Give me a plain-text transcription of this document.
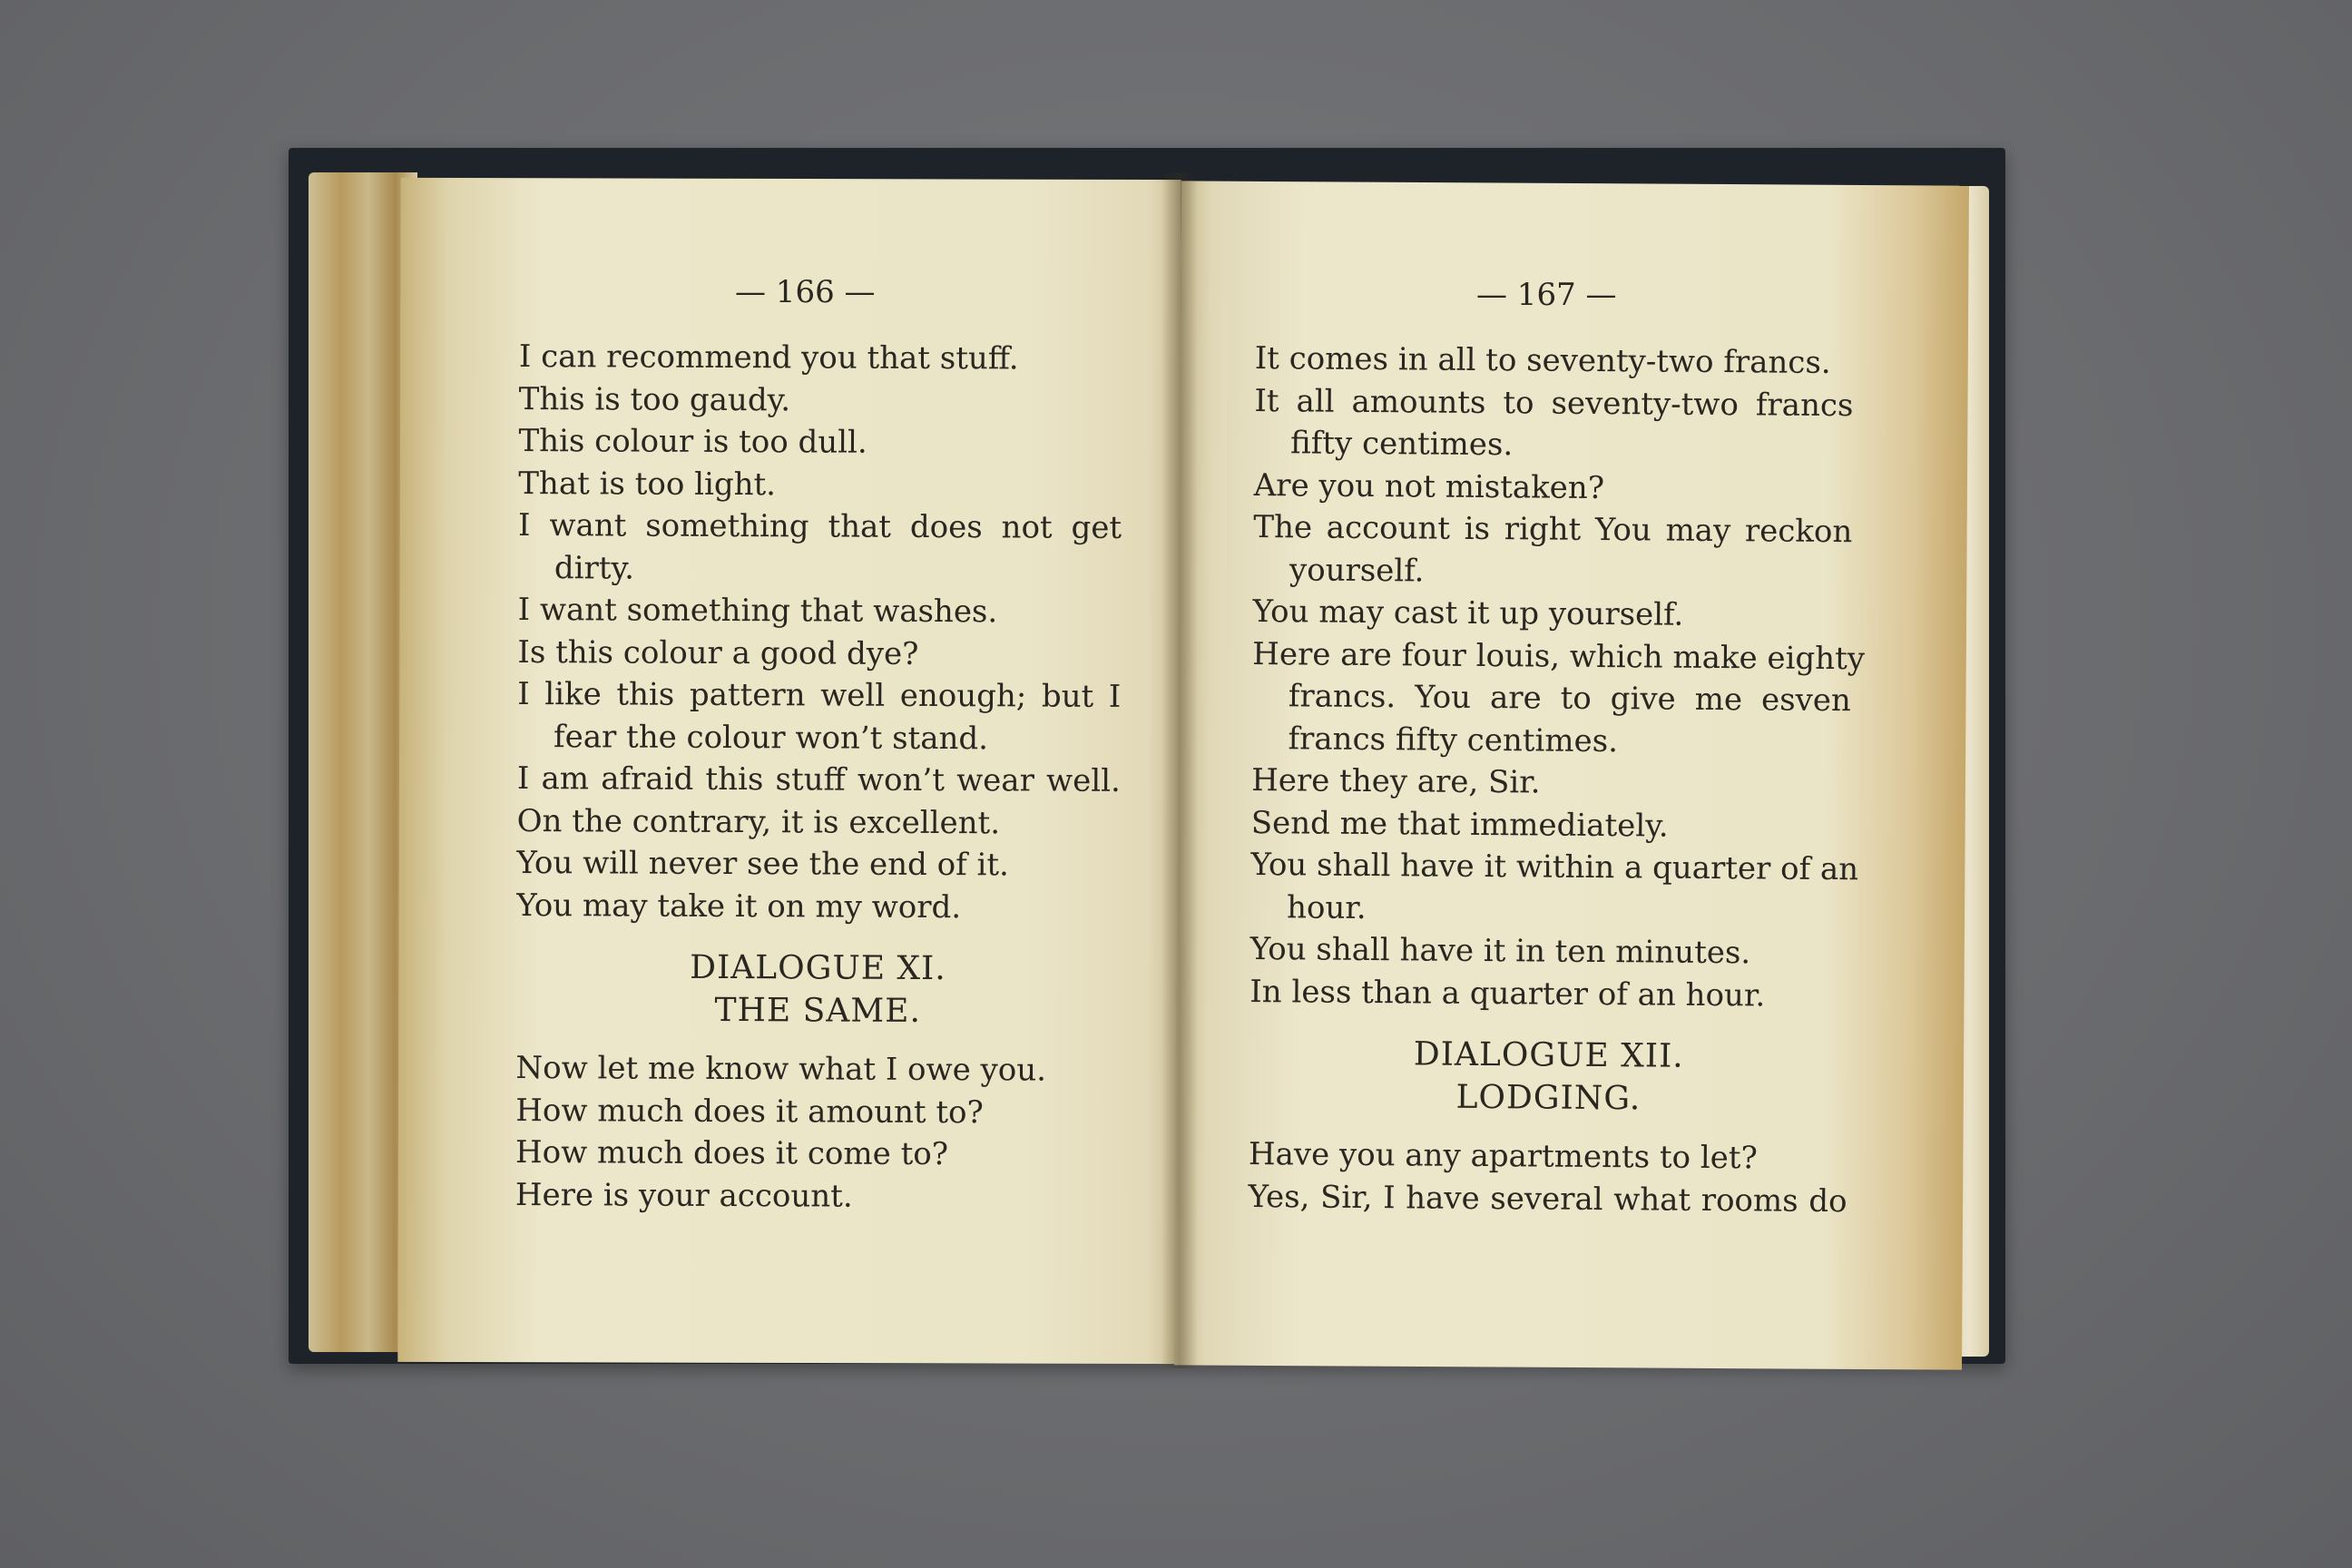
— 166 —	— 167 —
I can recommend you that stuff.
This is too gaudy.
This colour is too dull.
That is too light.
I want something that does not get
dirty.
I want something that washes.
Is this colour a good dye?
I like this pattern well enough; but I
fear the colour won’t stand.
I am afraid this stuff won’t wear well.
On the contrary, it is excellent.
You will never see the end of it.
You may take it on my word.
DIALOGUE XI.
THE SAME.
Now let me know what I owe you.
How much does it amount to?
How much does it come to?
Here is your account.
It comes in all to seventy-two francs.
It all amounts to seventy-two francs
fifty centimes.
Are you not mistaken?
The account is right You may reckon
yourself.
You may cast it up yourself.
Here are four louis, which make eighty
francs. You are to give me esven
francs fifty centimes.
Here they are, Sir.
Send me that immediately.
You shall have it within a quarter of an
hour.
You shall have it in ten minutes.
In less than a quarter of an hour.
DIALOGUE XII.
LODGING.
Have you any apartments to let?
Yes, Sir, I have several what rooms do
